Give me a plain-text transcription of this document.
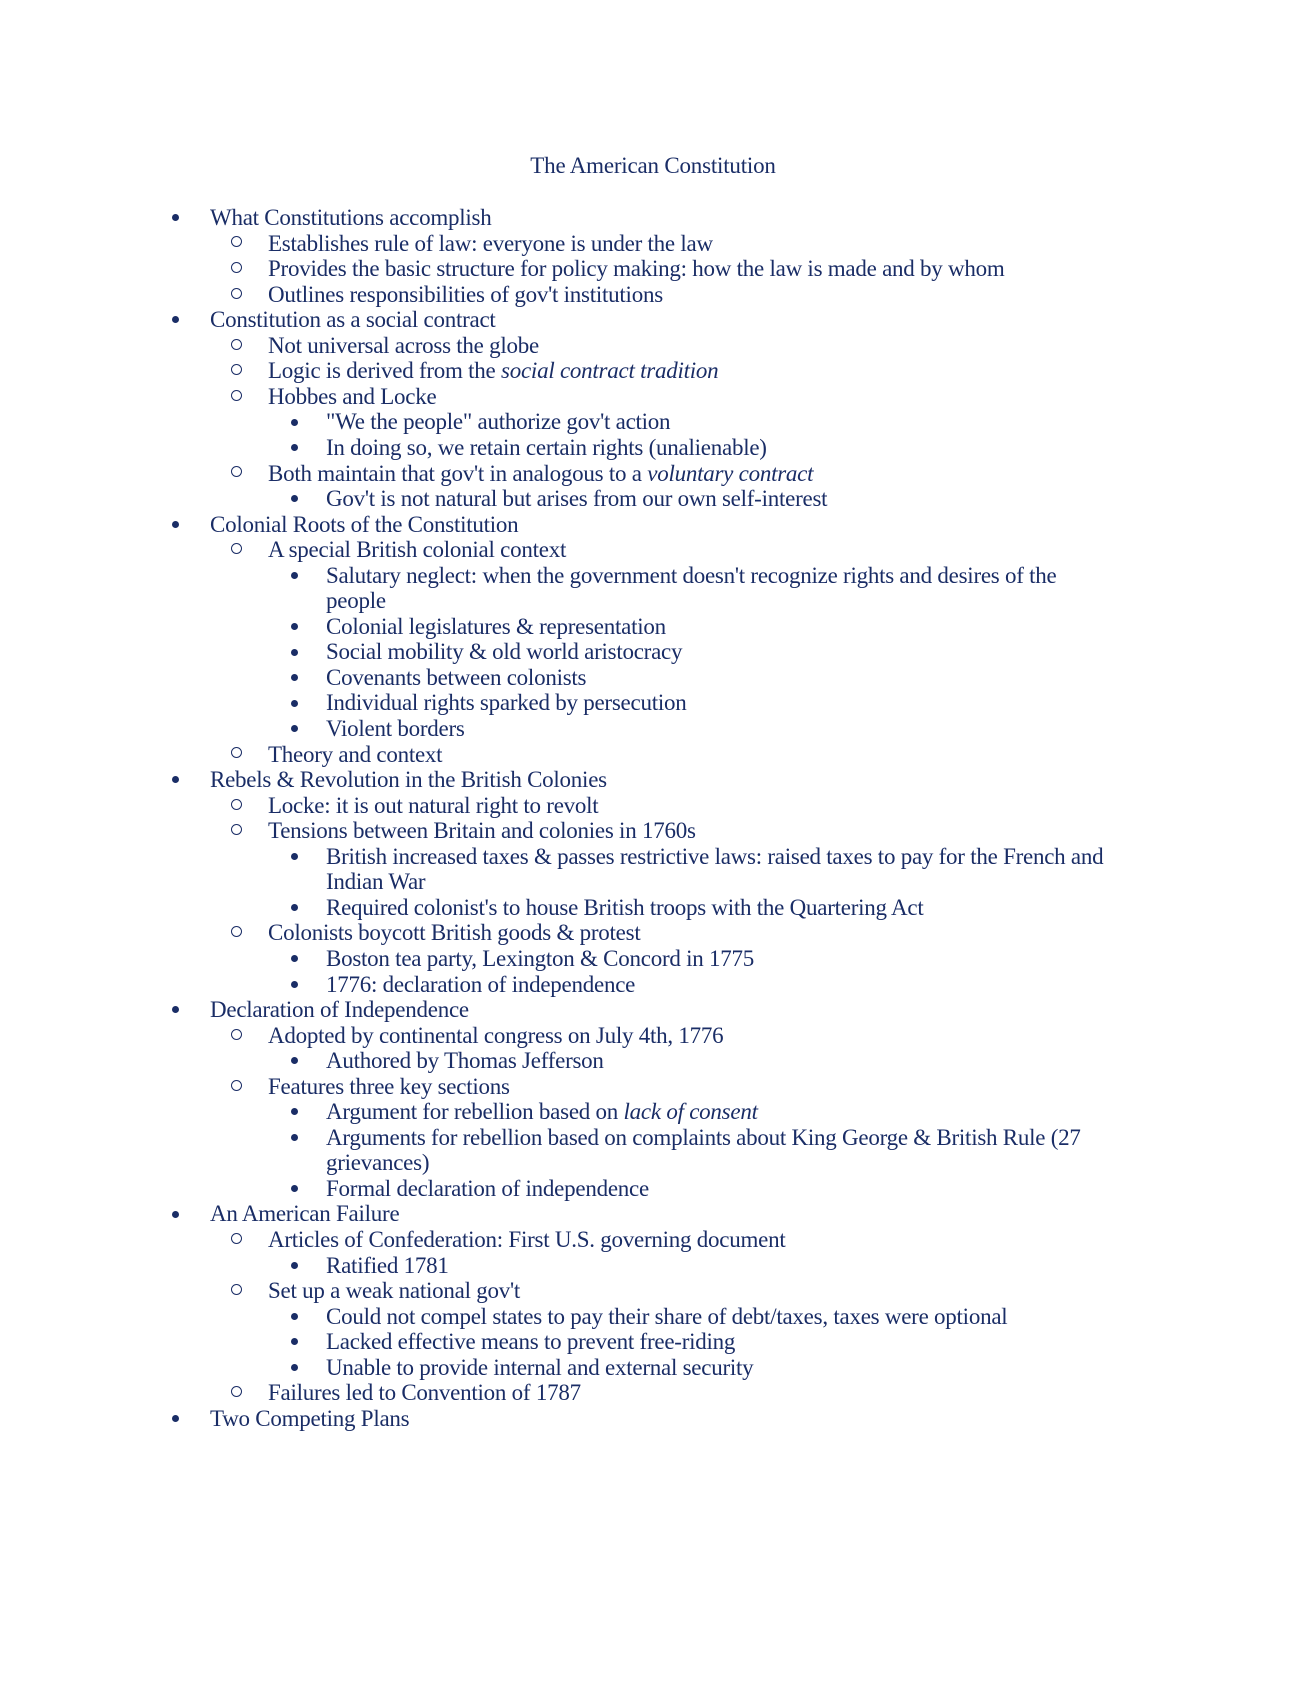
The American Constitution
What Constitutions accomplish
Establishes rule of law: everyone is under the law
Provides the basic structure for policy making: how the law is made and by whom
Outlines responsibilities of gov't institutions
Constitution as a social contract
Not universal across the globe
Logic is derived from the social contract tradition
Hobbes and Locke
"We the people" authorize gov't action
In doing so, we retain certain rights (unalienable)
Both maintain that gov't in analogous to a voluntary contract
Gov't is not natural but arises from our own self-interest
Colonial Roots of the Constitution
A special British colonial context
Salutary neglect: when the government doesn't recognize rights and desires of the
people
Colonial legislatures & representation
Social mobility & old world aristocracy
Covenants between colonists
Individual rights sparked by persecution
Violent borders
Theory and context
Rebels & Revolution in the British Colonies
Locke: it is out natural right to revolt
Tensions between Britain and colonies in 1760s
British increased taxes & passes restrictive laws: raised taxes to pay for the French and
Indian War
Required colonist's to house British troops with the Quartering Act
Colonists boycott British goods & protest
Boston tea party, Lexington & Concord in 1775
1776: declaration of independence
Declaration of Independence
Adopted by continental congress on July 4th, 1776
Authored by Thomas Jefferson
Features three key sections
Argument for rebellion based on lack of consent
Arguments for rebellion based on complaints about King George & British Rule (27
grievances)
Formal declaration of independence
An American Failure
Articles of Confederation: First U.S. governing document
Ratified 1781
Set up a weak national gov't
Could not compel states to pay their share of debt/taxes, taxes were optional
Lacked effective means to prevent free-riding
Unable to provide internal and external security
Failures led to Convention of 1787
Two Competing Plans
